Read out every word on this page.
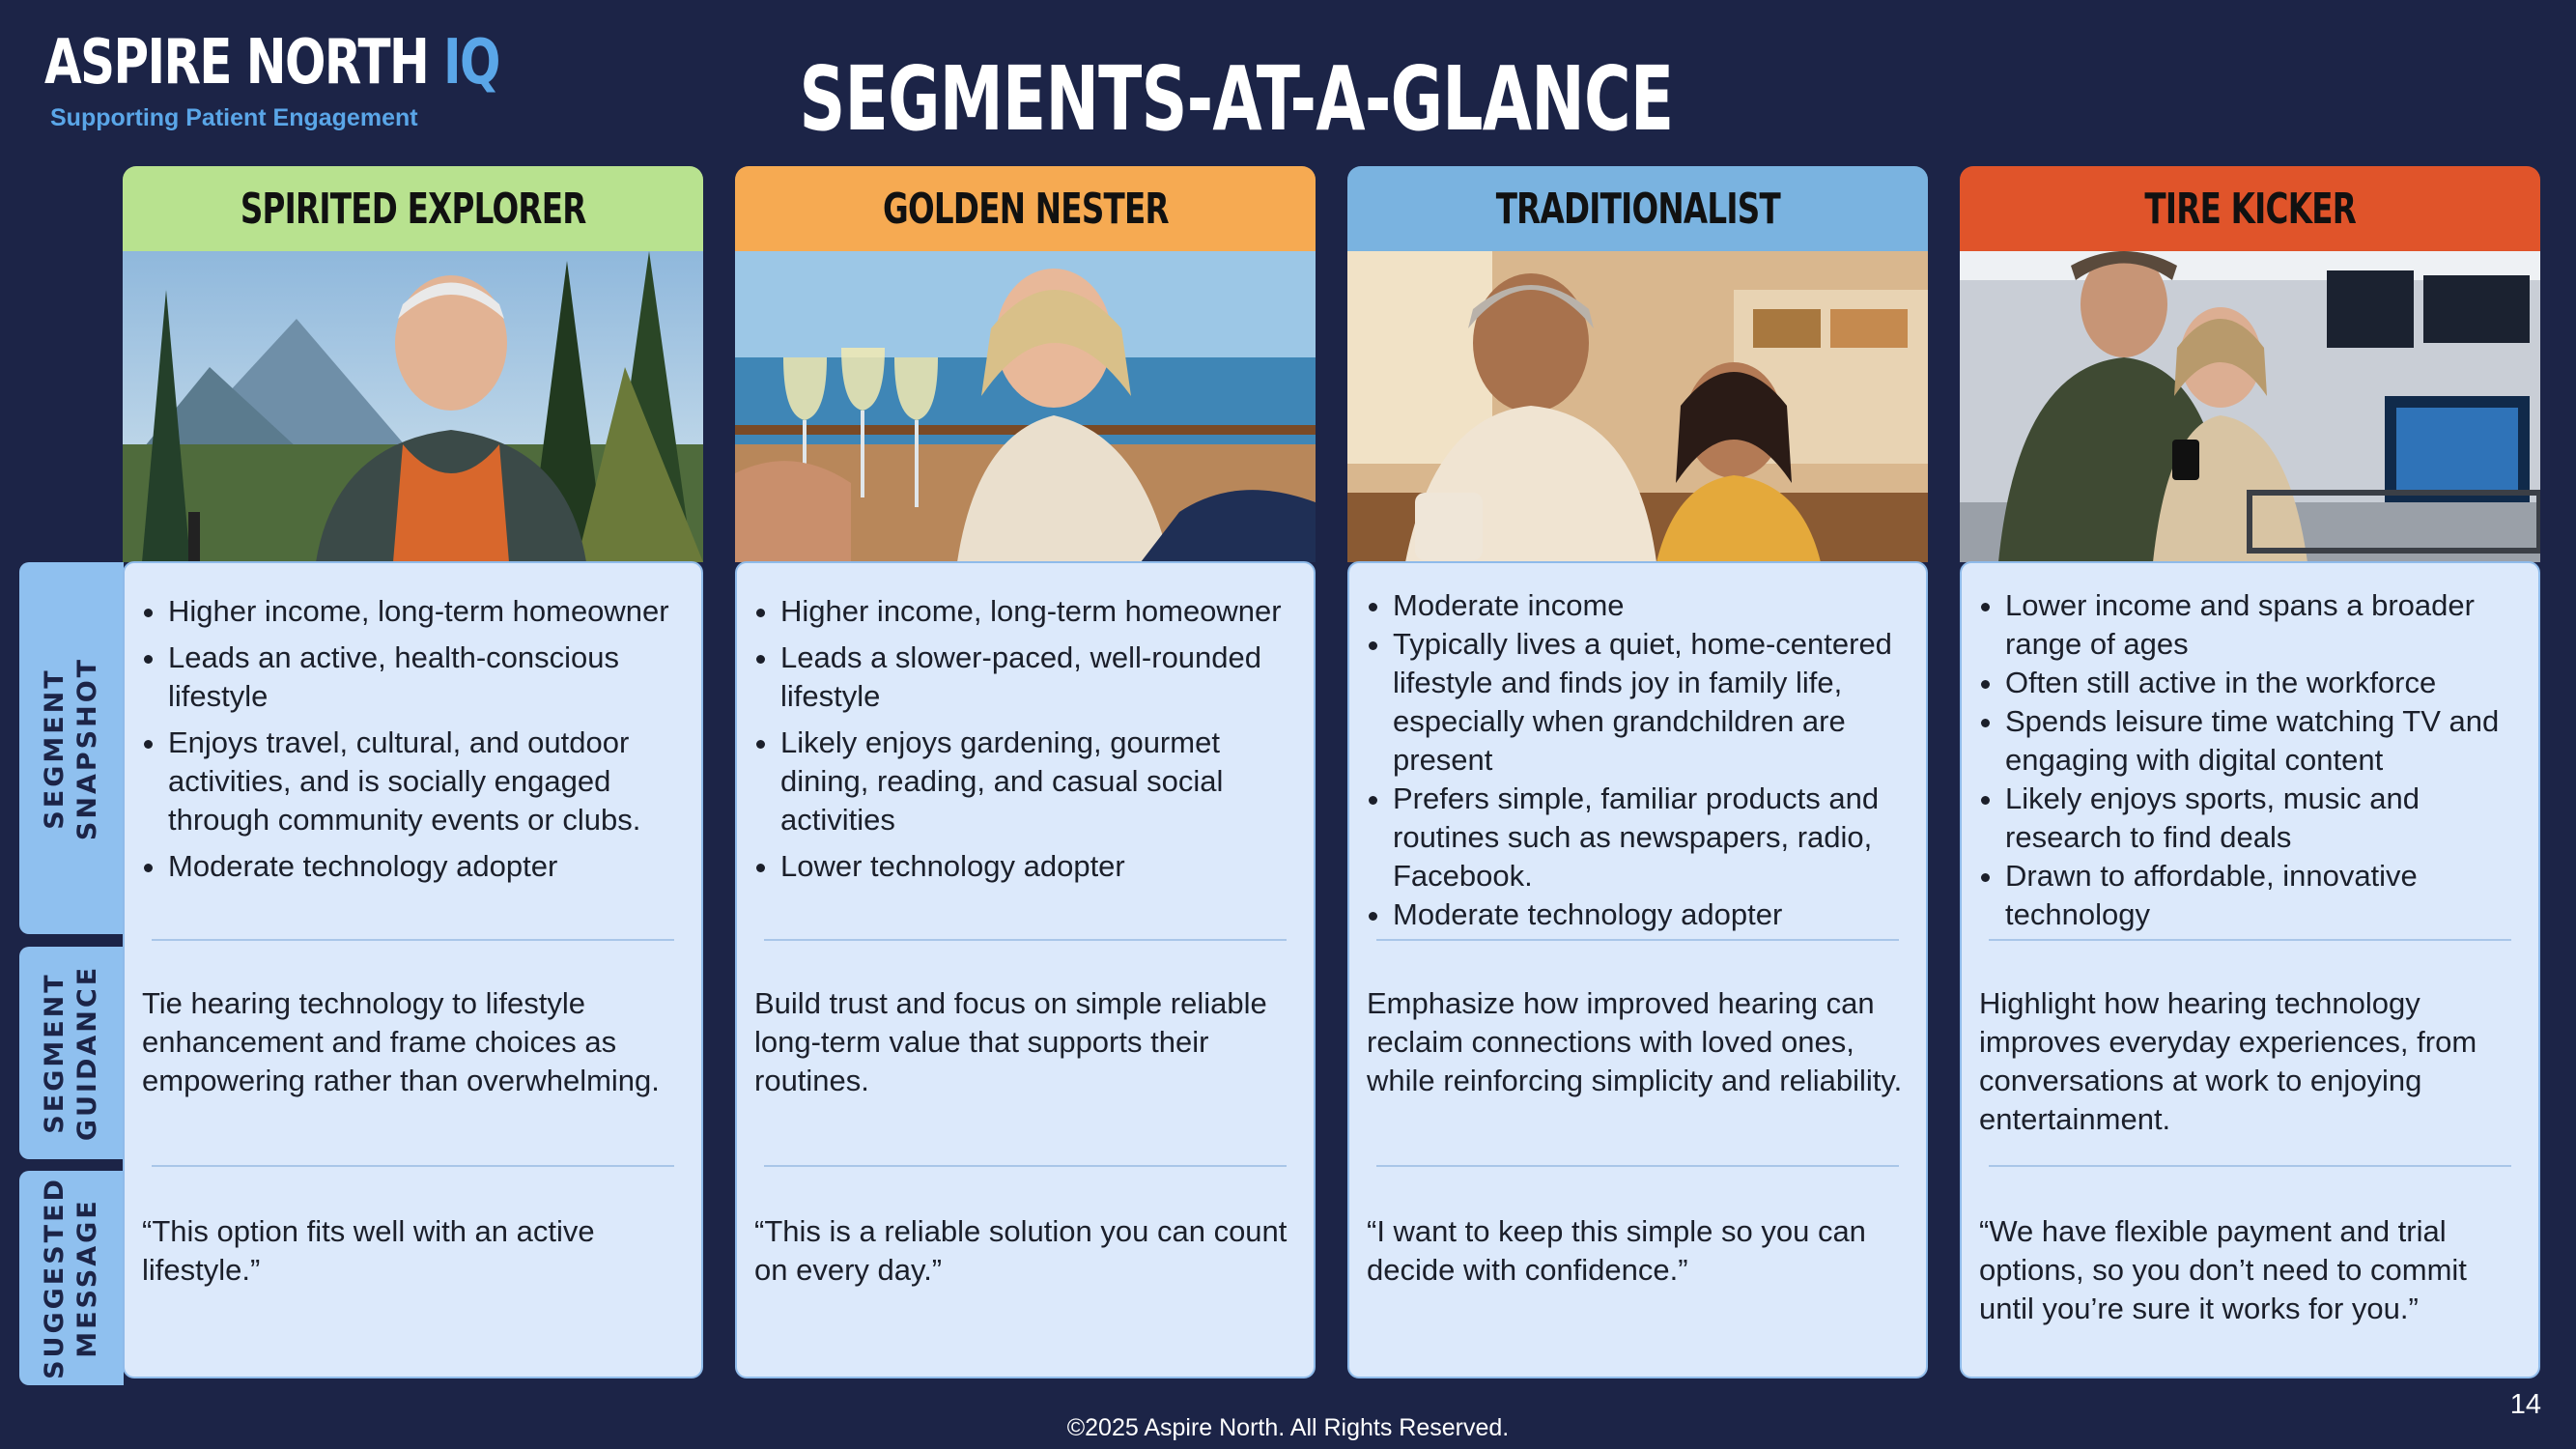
ASPIRE NORTH IQ
Supporting Patient Engagement	SEGMENTS-AT-A-GLANCE
SEGMENT
SNAPSHOT
SEGMENT
GUIDANCE
SUGGESTED
MESSAGE
SPIRITED EXPLORER
• Higher income, long-term homeowner
• Leads an active, health-conscious lifestyle
• Enjoys travel, cultural, and outdoor activities, and is socially engaged through community events or clubs.
• Moderate technology adopter
Tie hearing technology to lifestyle enhancement and frame choices as empowering rather than overwhelming.
“This option fits well with an active lifestyle.”
GOLDEN NESTER
• Higher income, long-term homeowner
• Leads a slower-paced, well-rounded lifestyle
• Likely enjoys gardening, gourmet dining, reading, and casual social activities
• Lower technology adopter
Build trust and focus on simple reliable long-term value that supports their routines.
“This is a reliable solution you can count on every day.”
TRADITIONALIST
• Moderate income
• Typically lives a quiet, home-centered lifestyle and finds joy in family life, especially when grandchildren are present
• Prefers simple, familiar products and routines such as newspapers, radio, Facebook.
• Moderate technology adopter
Emphasize how improved hearing can reclaim connections with loved ones, while reinforcing simplicity and reliability.
“I want to keep this simple so you can decide with confidence.”
TIRE KICKER
• Lower income and spans a broader range of ages
• Often still active in the workforce
• Spends leisure time watching TV and engaging with digital content
• Likely enjoys sports, music and research to find deals
• Drawn to affordable, innovative technology
Highlight how hearing technology improves everyday experiences, from conversations at work to enjoying entertainment.
“We have flexible payment and trial options, so you don’t need to commit until you’re sure it works for you.”
©2025 Aspire North. All Rights Reserved.
14
